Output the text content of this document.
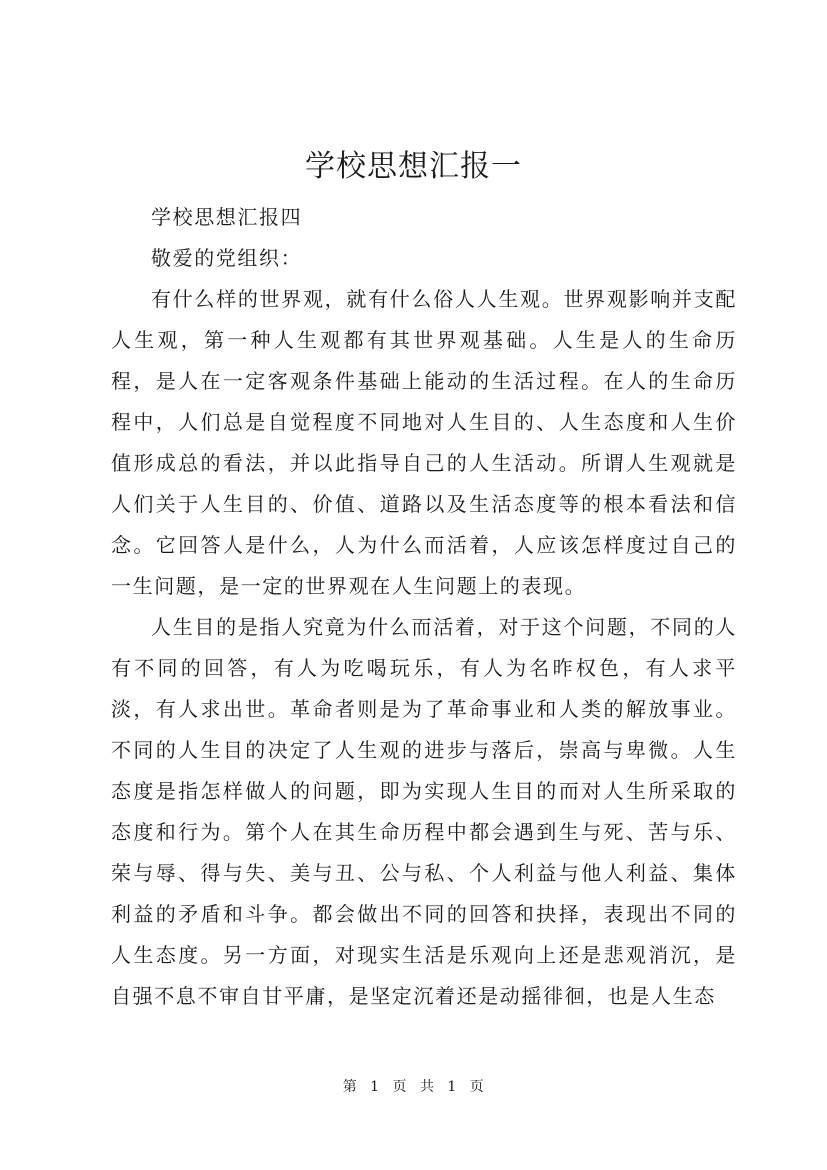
学校思想汇报一

学校思想汇报四

敬爱的党组织：

有什么样的世界观，就有什么俗人人生观。世界观影响并支配人生观，第一种人生观都有其世界观基础。人生是人的生命历程，是人在一定客观条件基础上能动的生活过程。在人的生命历程中，人们总是自觉程度不同地对人生目的、人生态度和人生价值形成总的看法，并以此指导自己的人生活动。所谓人生观就是人们关于人生目的、价值、道路以及生活态度等的根本看法和信念。它回答人是什么，人为什么而活着，人应该怎样度过自己的一生问题，是一定的世界观在人生问题上的表现。

人生目的是指人究竟为什么而活着，对于这个问题，不同的人有不同的回答，有人为吃喝玩乐，有人为名昨权色，有人求平淡，有人求出世。革命者则是为了革命事业和人类的解放事业。不同的人生目的决定了人生观的进步与落后，崇高与卑微。人生态度是指怎样做人的问题，即为实现人生目的而对人生所采取的态度和行为。第个人在其生命历程中都会遇到生与死、苦与乐、荣与辱、得与失、美与丑、公与私、个人利益与他人利益、集体利益的矛盾和斗争。都会做出不同的回答和抉择，表现出不同的人生态度。另一方面，对现实生活是乐观向上还是悲观消沉，是自强不息不审自甘平庸，是坚定沉着还是动摇徘徊，也是人生态

第 1 页 共 1 页
